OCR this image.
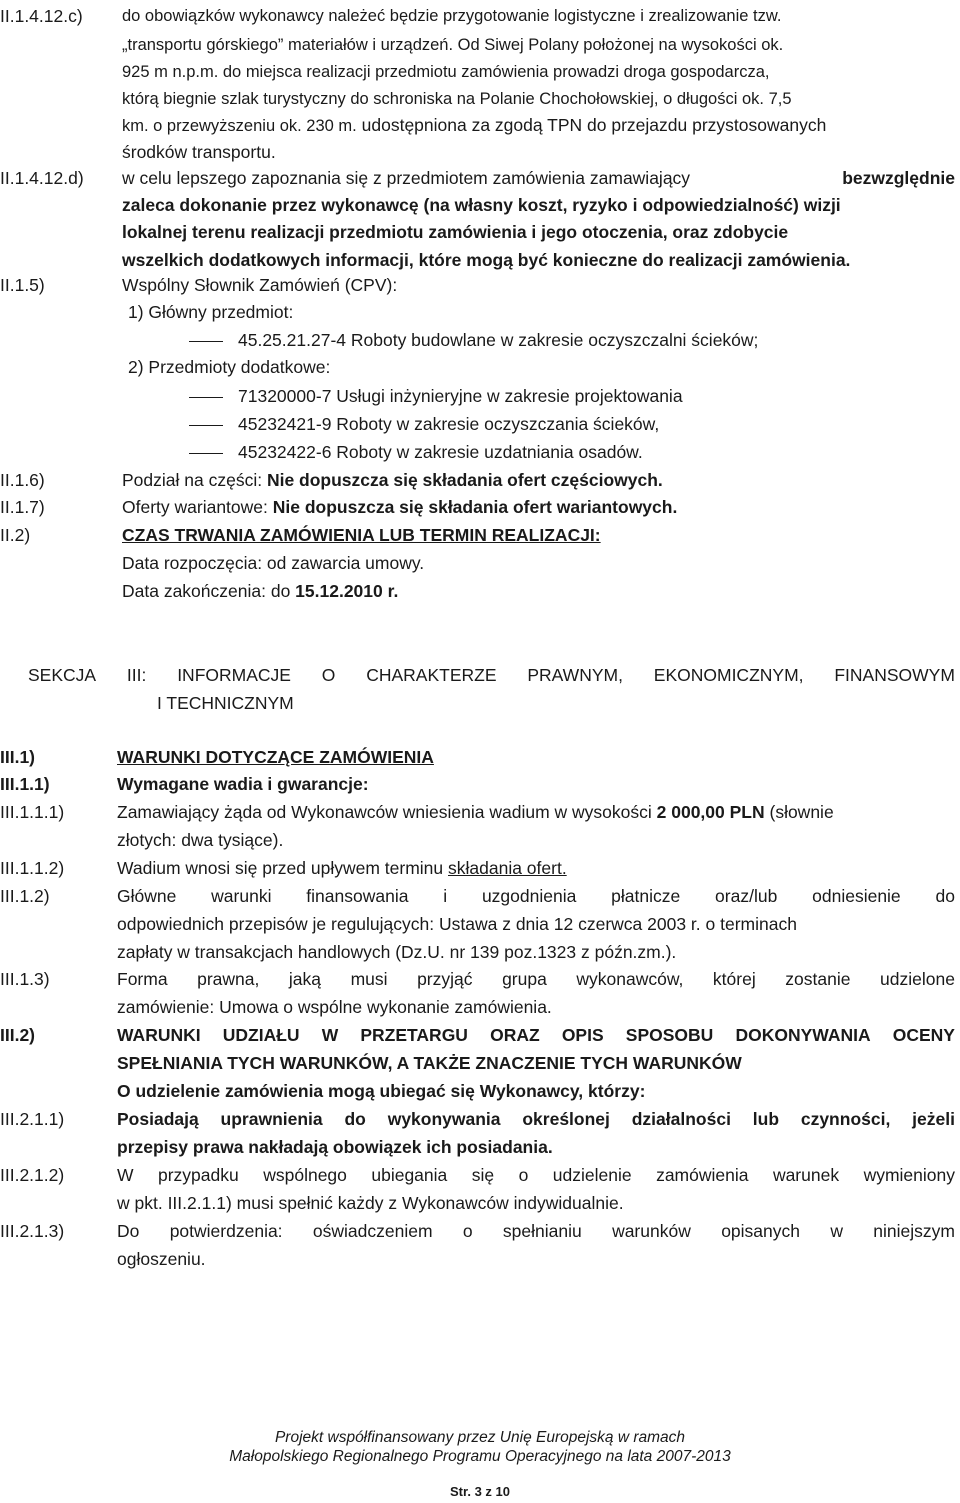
II.1.4.12.c) do obowiązków wykonawcy należeć będzie przygotowanie logistyczne i zrealizowanie tzw.
„transportu górskiego” materiałów i urządzeń. Od Siwej Polany położonej na wysokości ok.
925 m n.p.m. do miejsca realizacji przedmiotu zamówienia prowadzi droga gospodarcza,
którą biegnie szlak turystyczny do schroniska na Polanie Chochołowskiej, o długości ok. 7,5
km. o przewyższeniu ok. 230 m. udostępniona za zgodą TPN do przejazdu przystosowanych
środków transportu.
II.1.4.12.d) w celu lepszego zapoznania się z przedmiotem zamówienia zamawiający	bezwzględnie
zaleca dokonanie przez wykonawcę (na własny koszt, ryzyko i odpowiedzialność) wizji
lokalnej terenu realizacji przedmiotu zamówienia i jego otoczenia, oraz zdobycie
wszelkich dodatkowych informacji, które mogą być konieczne do realizacji zamówienia.
II.1.5)	Wspólny Słownik Zamówień (CPV):
1) Główny przedmiot:
45.25.21.27-4 Roboty budowlane w zakresie oczyszczalni ścieków;
2) Przedmioty dodatkowe:
71320000-7 Usługi inżynieryjne w zakresie projektowania
45232421-9 Roboty w zakresie oczyszczania ścieków,
45232422-6 Roboty w zakresie uzdatniania osadów.
II.1.6)	Podział na części: Nie dopuszcza się składania ofert częściowych.
II.1.7)	Oferty wariantowe: Nie dopuszcza się składania ofert wariantowych.
II.2)	CZAS TRWANIA ZAMÓWIENIA LUB TERMIN REALIZACJI:
Data rozpoczęcia: od zawarcia umowy.
Data zakończenia: do 15.12.2010 r.
SEKCJA III: INFORMACJE O CHARAKTERZE PRAWNYM, EKONOMICZNYM, FINANSOWYM
I TECHNICZNYM
III.1)	WARUNKI DOTYCZĄCE ZAMÓWIENIA
III.1.1)	Wymagane wadia i gwarancje:
III.1.1.1)	Zamawiający żąda od Wykonawców wniesienia wadium w wysokości 2 000,00 PLN (słownie
złotych: dwa tysiące).
III.1.1.2)	Wadium wnosi się przed upływem terminu składania ofert.
III.1.2)	Główne warunki finansowania i uzgodnienia płatnicze oraz/lub odniesienie do
odpowiednich przepisów je regulujących: Ustawa z dnia 12 czerwca 2003 r. o terminach
zapłaty w transakcjach handlowych (Dz.U. nr 139 poz.1323 z późn.zm.).
III.1.3)	Forma prawna, jaką musi przyjąć grupa wykonawców, której zostanie udzielone
zamówienie: Umowa o wspólne wykonanie zamówienia.
III.2)	WARUNKI UDZIAŁU W PRZETARGU ORAZ OPIS SPOSOBU DOKONYWANIA OCENY
SPEŁNIANIA TYCH WARUNKÓW, A TAKŻE ZNACZENIE TYCH WARUNKÓW
O udzielenie zamówienia mogą ubiegać się Wykonawcy, którzy:
III.2.1.1)	Posiadają uprawnienia do wykonywania określonej działalności lub czynności, jeżeli
przepisy prawa nakładają obowiązek ich posiadania.
III.2.1.2)	W przypadku wspólnego ubiegania się o udzielenie zamówienia warunek wymieniony
w pkt. III.2.1.1) musi spełnić każdy z Wykonawców indywidualnie.
III.2.1.3)	Do potwierdzenia: oświadczeniem o spełnianiu warunków opisanych w niniejszym
ogłoszeniu.
Projekt współfinansowany przez Unię Europejską w ramach
Małopolskiego Regionalnego Programu Operacyjnego na lata 2007-2013
Str. 3 z 10
